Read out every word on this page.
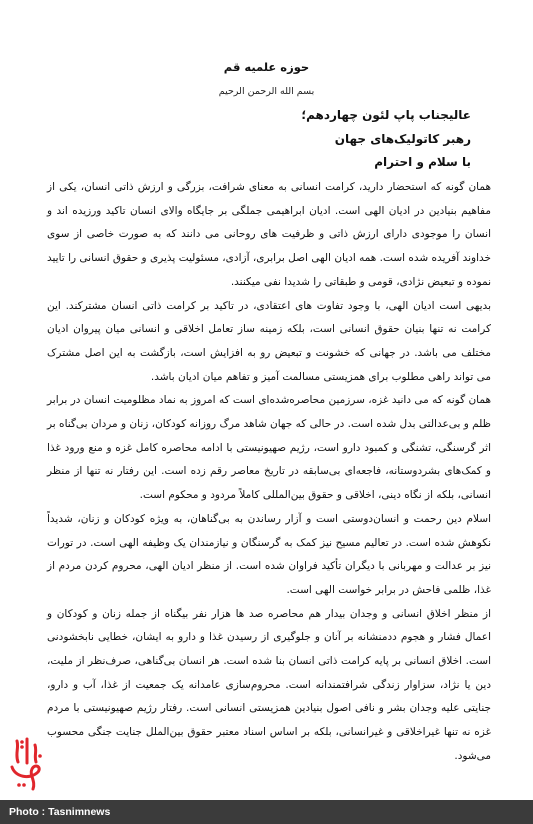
حوزه علمیه قم
بسم الله الرحمن الرحیم
عالیجناب پاپ لئون چهاردهم؛
رهبر کاتولیک‌های جهان
با سلام و احترام

همان گونه که استحضار دارید، کرامت انسانی به معنای شرافت، بزرگی و ارزش ذاتی انسان، یکی از مفاهیم بنیادین در ادیان الهی است. ادیان ابراهیمی جملگی بر جایگاه والای انسان تاکید ورزیده اند و انسان را موجودی دارای ارزش ذاتی و ظرفیت های روحانی می دانند که به صورت خاصی از سوی خداوند آفریده شده است. همه ادیان الهی اصل برابری، آزادی، مسئولیت پذیری و حقوق انسانی را تایید نموده و تبعیض نژادی، قومی و طبقاتی را شدیدا نفی میکنند.

بدیهی است ادیان الهی، با وجود تفاوت های اعتقادی، در تاکید بر کرامت ذاتی انسان مشترکند. این کرامت نه تنها بنیان حقوق انسانی است، بلکه زمینه ساز تعامل اخلاقی و انسانی میان پیروان ادیان مختلف می باشد. در جهانی که خشونت و تبعیض رو به افزایش است، بازگشت به این اصل مشترک می تواند راهی مطلوب برای همزیستی مسالمت آمیز و تفاهم میان ادیان باشد.

همان گونه که می دانید غزه، سرزمین محاصره‌شده‌ای است که امروز به نماد مظلومیت انسان در برابر ظلم و بی‌عدالتی بدل شده است. در حالی که جهان شاهد مرگ روزانه کودکان، زنان و مردان بی‌گناه بر اثر گرسنگی، تشنگی و کمبود دارو است، رژیم صهیونیستی با ادامه محاصره کامل غزه و منع ورود غذا و کمک‌های بشردوستانه، فاجعه‌ای بی‌سابقه در تاریخ معاصر رقم زده است. این رفتار نه تنها از منظر انسانی، بلکه از نگاه دینی، اخلاقی و حقوق بین‌المللی کاملاً مردود و محکوم است.

اسلام دین رحمت و انسان‌دوستی است و آزار رساندن به بی‌گناهان، به ویژه کودکان و زنان، شدیداً نکوهش شده است. در تعالیم مسیح نیز کمک به گرسنگان و نیازمندان یک وظیفه الهی است. در تورات نیز بر عدالت و مهربانی با دیگران تأکید فراوان شده است. از منظر ادیان الهی، محروم کردن مردم از غذا، ظلمی فاحش در برابر خواست الهی است.

از منظر اخلاق انسانی و وجدان بیدار هم محاصره صد ها هزار نفر بیگناه از جمله زنان و کودکان و اعمال فشار و هجوم ددمنشانه بر آنان و جلوگیری از رسیدن غذا و دارو به ایشان، خطایی نابخشودنی است. اخلاق انسانی بر پایه کرامت ذاتی انسان بنا شده است. هر انسان بی‌گناهی، صرف‌نظر از ملیت، دین یا نژاد، سزاوار زندگی شرافتمندانه است. محروم‌سازی عامدانه یک جمعیت از غذا، آب و دارو، جنایتی علیه وجدان بشر و نافی اصول بنیادین همزیستی انسانی است. رفتار رژیم صهیونیستی با مردم غزه نه تنها غیراخلاقی و غیرانسانی، بلکه بر اساس اسناد معتبر حقوق بین‌الملل جنایت جنگی محسوب می‌شود.

Photo : Tasnimnews
